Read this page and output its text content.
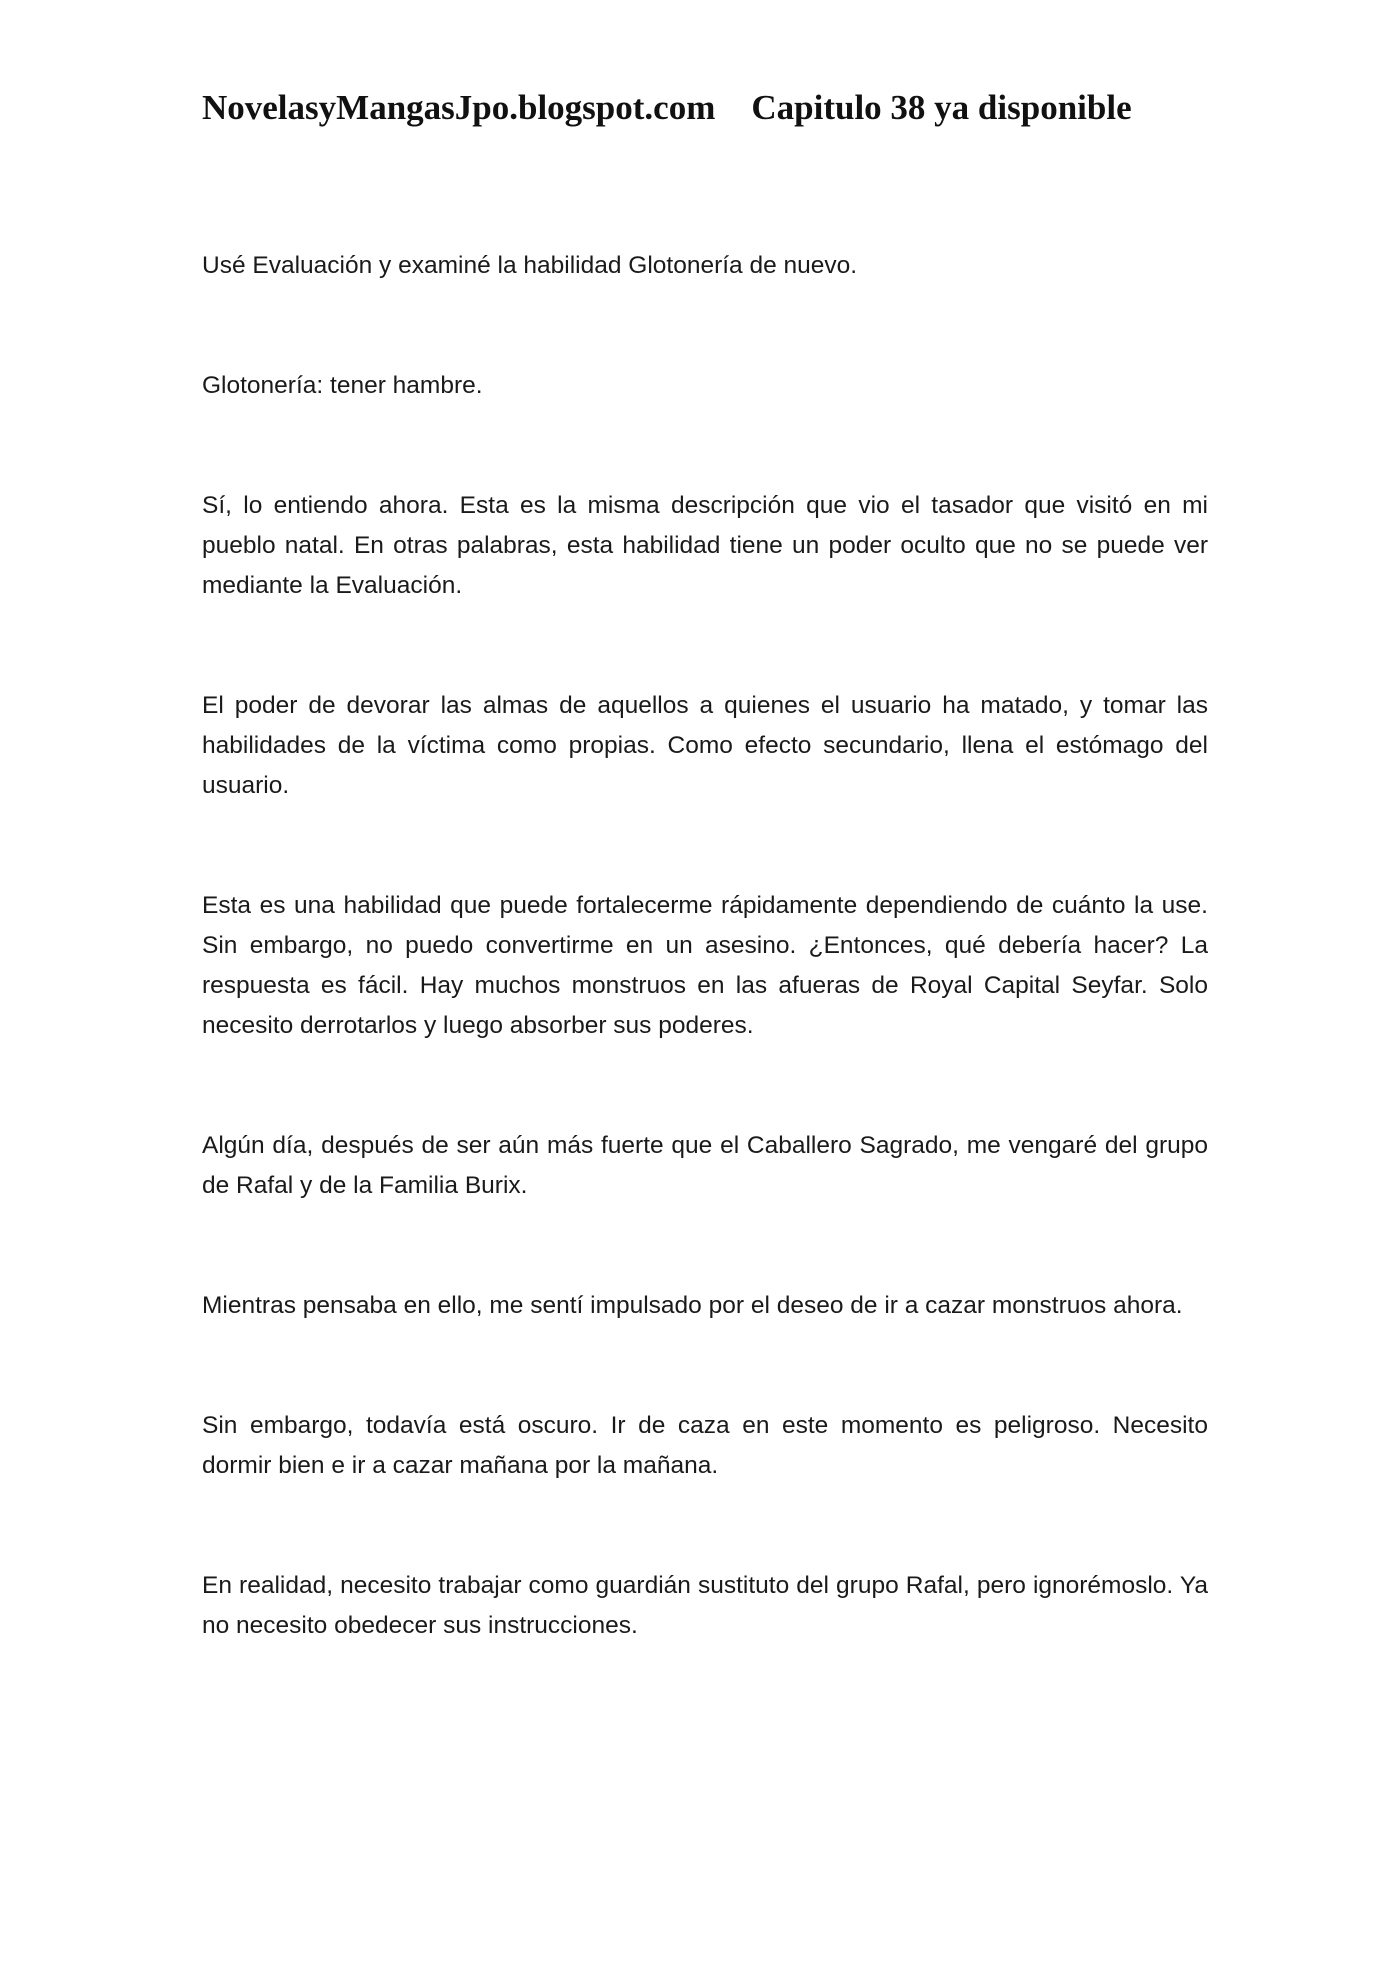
NovelasyMangasJpo.blogspot.com Capitulo 38 ya disponible

Usé Evaluación y examiné la habilidad Glotonería de nuevo.

Glotonería: tener hambre.

Sí, lo entiendo ahora. Esta es la misma descripción que vio el tasador que visitó en mi pueblo natal. En otras palabras, esta habilidad tiene un poder oculto que no se puede ver mediante la Evaluación.

El poder de devorar las almas de aquellos a quienes el usuario ha matado, y tomar las habilidades de la víctima como propias. Como efecto secundario, llena el estómago del usuario.

Esta es una habilidad que puede fortalecerme rápidamente dependiendo de cuánto la use. Sin embargo, no puedo convertirme en un asesino. ¿Entonces, qué debería hacer? La respuesta es fácil. Hay muchos monstruos en las afueras de Royal Capital Seyfar. Solo necesito derrotarlos y luego absorber sus poderes.

Algún día, después de ser aún más fuerte que el Caballero Sagrado, me vengaré del grupo de Rafal y de la Familia Burix.

Mientras pensaba en ello, me sentí impulsado por el deseo de ir a cazar monstruos ahora.

Sin embargo, todavía está oscuro. Ir de caza en este momento es peligroso. Necesito dormir bien e ir a cazar mañana por la mañana.

En realidad, necesito trabajar como guardián sustituto del grupo Rafal, pero ignorémoslo. Ya no necesito obedecer sus instrucciones.
